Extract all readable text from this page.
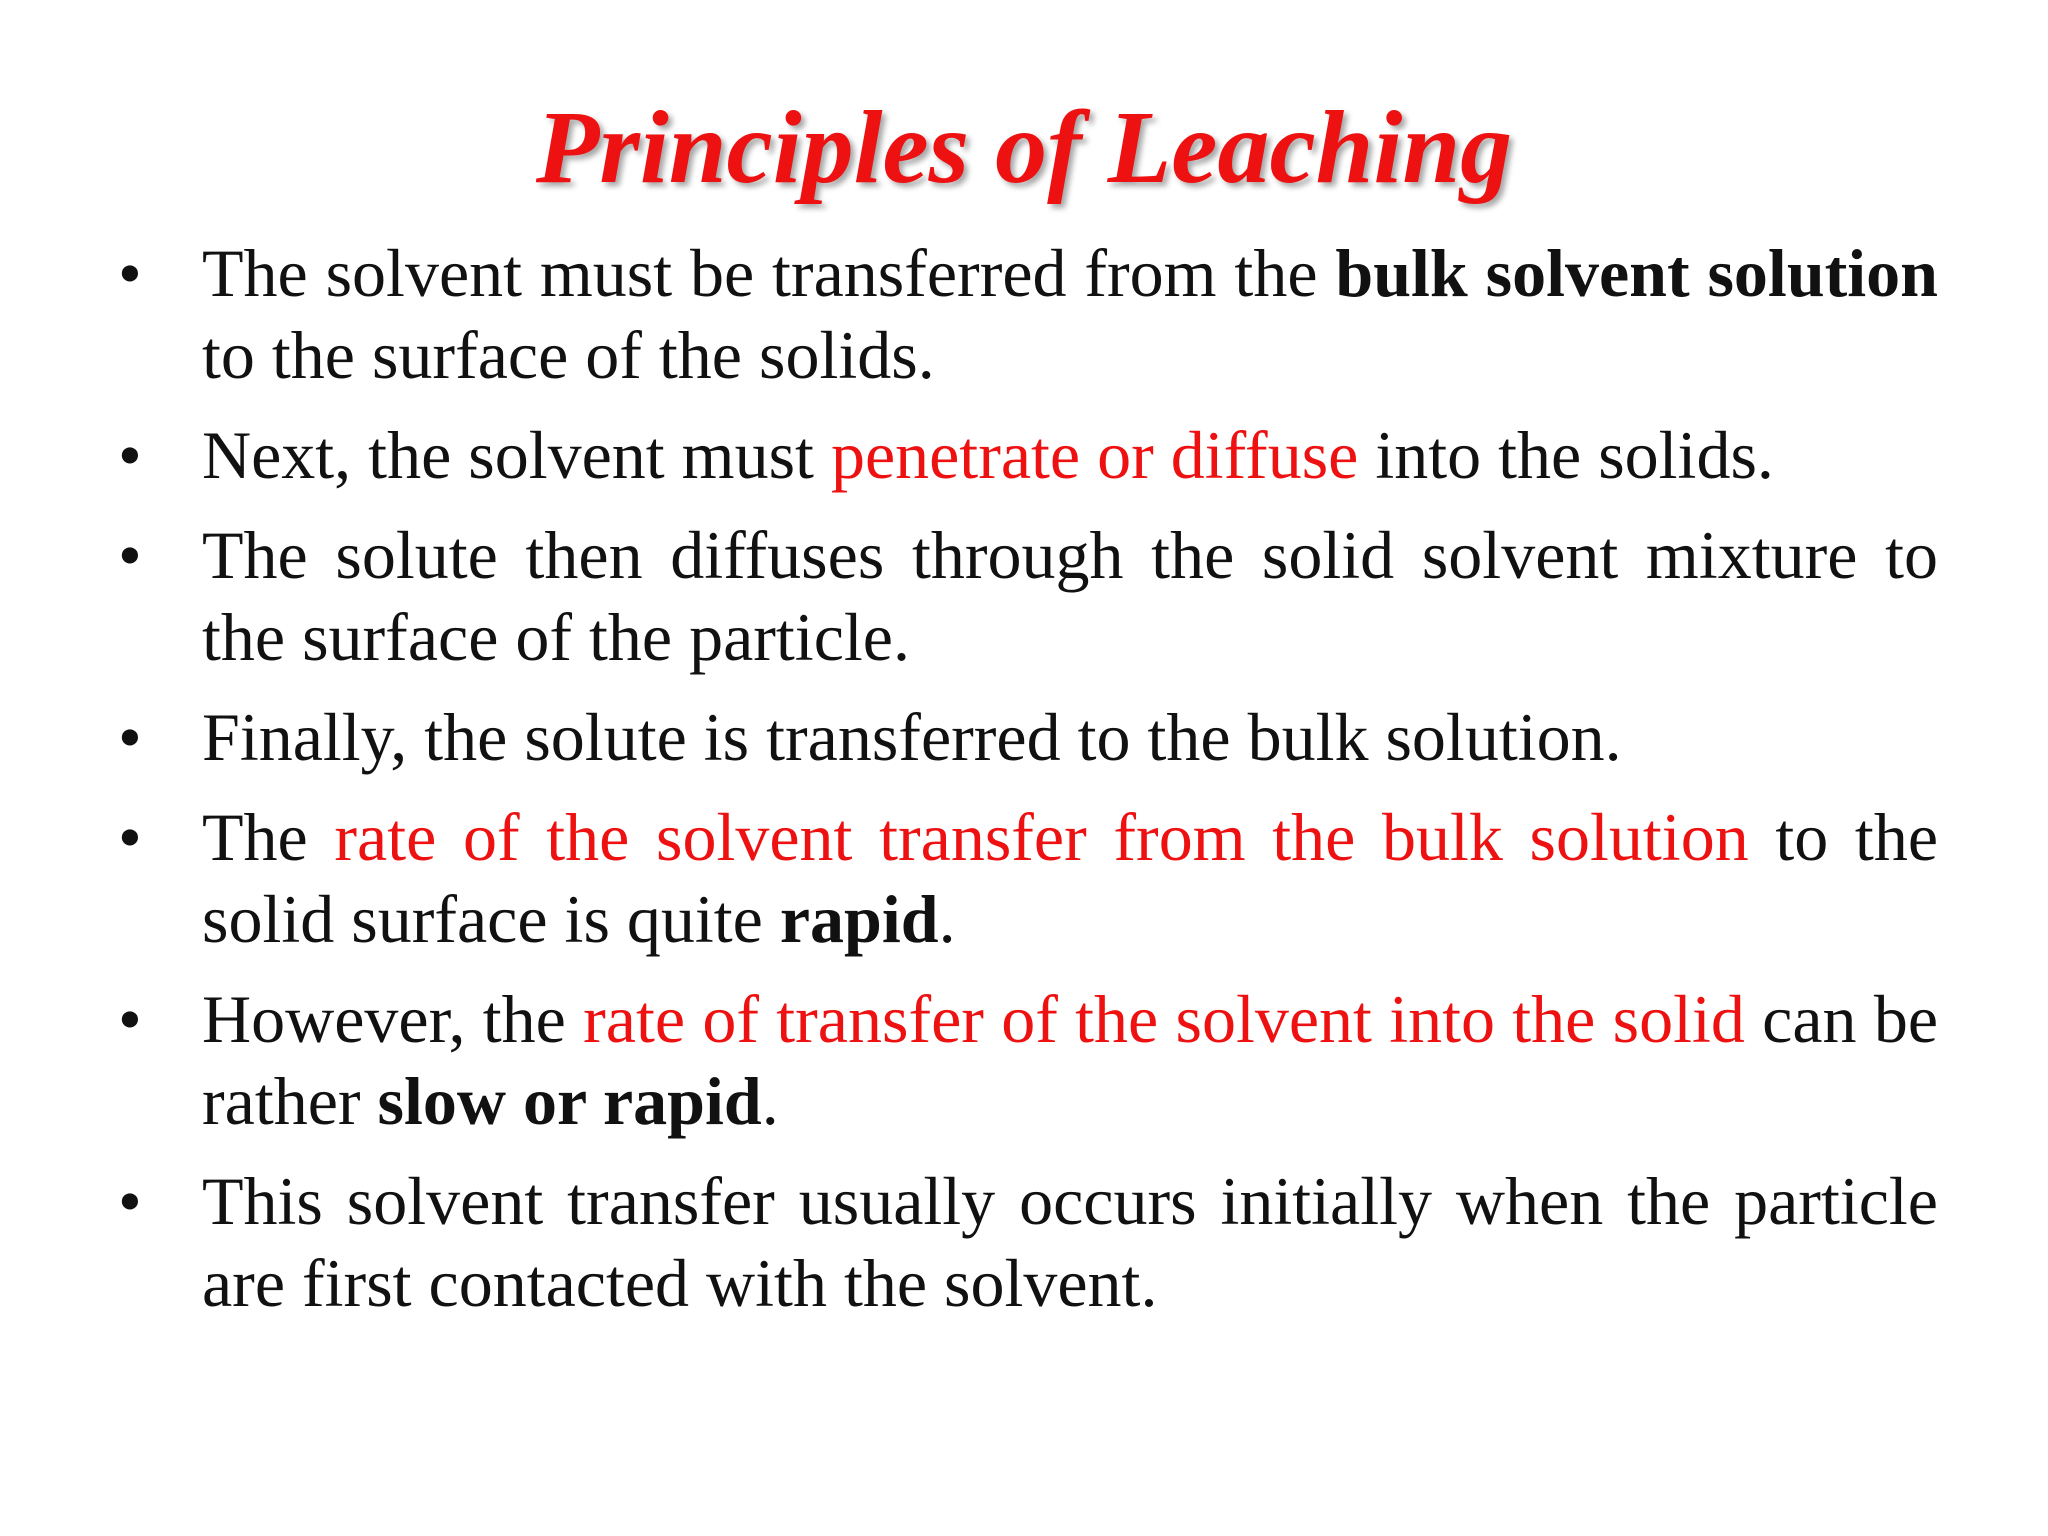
Principles of Leaching
• The solvent must be transferred from the bulk solvent solution to the surface of the solids.
• Next, the solvent must penetrate or diffuse into the solids.
• The solute then diffuses through the solid solvent mixture to the surface of the particle.
• Finally, the solute is transferred to the bulk solution.
• The rate of the solvent transfer from the bulk solution to the solid surface is quite rapid.
• However, the rate of transfer of the solvent into the solid can be rather slow or rapid.
• This solvent transfer usually occurs initially when the particle are first contacted with the solvent.
